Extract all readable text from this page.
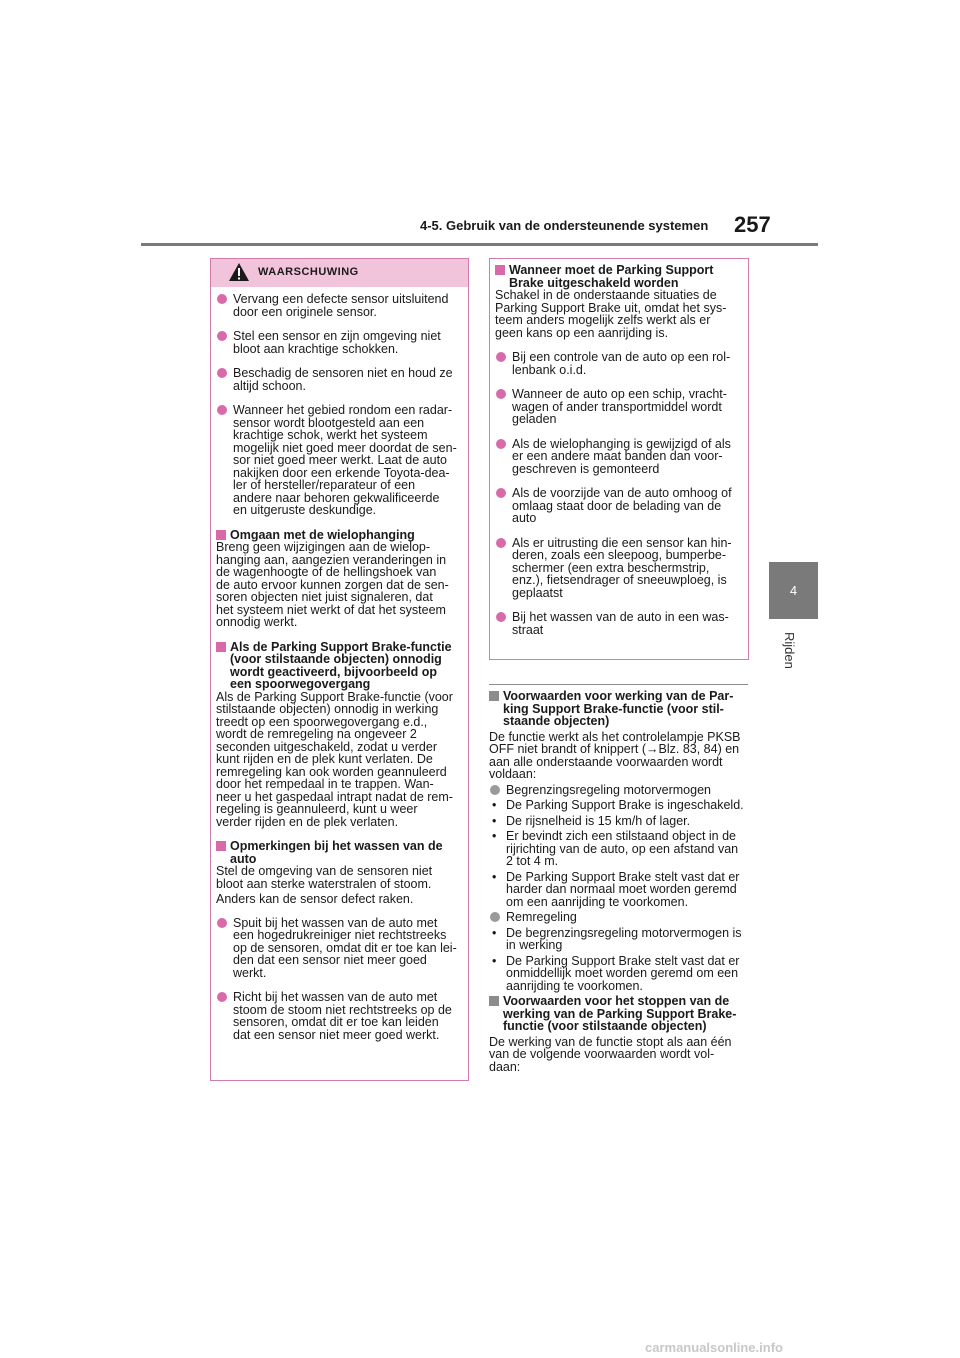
4-5. Gebruik van de ondersteunende systemen 257
4
Rijden
WAARSCHUWING
Vervang een defecte sensor uitsluitend
door een originele sensor.
Stel een sensor en zijn omgeving niet
bloot aan krachtige schokken.
Beschadig de sensoren niet en houd ze
altijd schoon.
Wanneer het gebied rondom een radar-
sensor wordt blootgesteld aan een
krachtige schok, werkt het systeem
mogelijk niet goed meer doordat de sen-
sor niet goed meer werkt. Laat de auto
nakijken door een erkende Toyota-dea-
ler of hersteller/reparateur of een
andere naar behoren gekwalificeerde
en uitgeruste deskundige.
Omgaan met de wielophanging
Breng geen wijzigingen aan de wielop-
hanging aan, aangezien veranderingen in
de wagenhoogte of de hellingshoek van
de auto ervoor kunnen zorgen dat de sen-
soren objecten niet juist signaleren, dat
het systeem niet werkt of dat het systeem
onnodig werkt.
Als de Parking Support Brake-functie
(voor stilstaande objecten) onnodig
wordt geactiveerd, bijvoorbeeld op
een spoorwegovergang
Als de Parking Support Brake-functie (voor
stilstaande objecten) onnodig in werking
treedt op een spoorwegovergang e.d.,
wordt de remregeling na ongeveer 2
seconden uitgeschakeld, zodat u verder
kunt rijden en de plek kunt verlaten. De
remregeling kan ook worden geannuleerd
door het rempedaal in te trappen. Wan-
neer u het gaspedaal intrapt nadat de rem-
regeling is geannuleerd, kunt u weer
verder rijden en de plek verlaten.
Opmerkingen bij het wassen van de
auto
Stel de omgeving van de sensoren niet
bloot aan sterke waterstralen of stoom.
Anders kan de sensor defect raken.
Spuit bij het wassen van de auto met
een hogedrukreiniger niet rechtstreeks
op de sensoren, omdat dit er toe kan lei-
den dat een sensor niet meer goed
werkt.
Richt bij het wassen van de auto met
stoom de stoom niet rechtstreeks op de
sensoren, omdat dit er toe kan leiden
dat een sensor niet meer goed werkt.
Wanneer moet de Parking Support
Brake uitgeschakeld worden
Schakel in de onderstaande situaties de
Parking Support Brake uit, omdat het sys-
teem anders mogelijk zelfs werkt als er
geen kans op een aanrijding is.
Bij een controle van de auto op een rol-
lenbank o.i.d.
Wanneer de auto op een schip, vracht-
wagen of ander transportmiddel wordt
geladen
Als de wielophanging is gewijzigd of als
er een andere maat banden dan voor-
geschreven is gemonteerd
Als de voorzijde van de auto omhoog of
omlaag staat door de belading van de
auto
Als er uitrusting die een sensor kan hin-
deren, zoals een sleepoog, bumperbe-
schermer (een extra beschermstrip,
enz.), fietsendrager of sneeuwploeg, is
geplaatst
Bij het wassen van de auto in een was-
straat
Voorwaarden voor werking van de Par-
king Support Brake-functie (voor stil-
staande objecten)
De functie werkt als het controlelampje PKSB
OFF niet brandt of knippert (→Blz. 83, 84) en
aan alle onderstaande voorwaarden wordt
voldaan:
Begrenzingsregeling motorvermogen
• De Parking Support Brake is ingeschakeld.
• De rijsnelheid is 15 km/h of lager.
• Er bevindt zich een stilstaand object in de
rijrichting van de auto, op een afstand van
2 tot 4 m.
• De Parking Support Brake stelt vast dat er
harder dan normaal moet worden geremd
om een aanrijding te voorkomen.
Remregeling
• De begrenzingsregeling motorvermogen is
in werking
• De Parking Support Brake stelt vast dat er
onmiddellijk moet worden geremd om een
aanrijding te voorkomen.
Voorwaarden voor het stoppen van de
werking van de Parking Support Brake-
functie (voor stilstaande objecten)
De werking van de functie stopt als aan één
van de volgende voorwaarden wordt vol-
daan:
carmanualsonline.info
